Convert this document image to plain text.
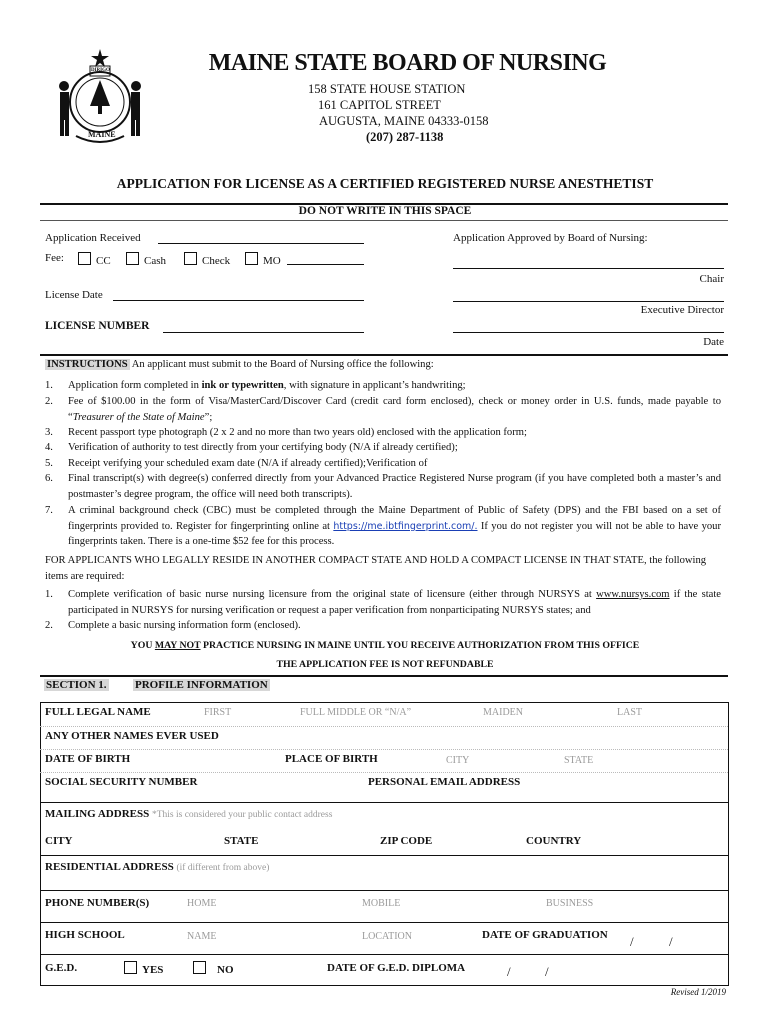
DIRIGO
MAINE
MAINE STATE BOARD OF NURSING
158 STATE HOUSE STATION
161 CAPITOL STREET
AUGUSTA, MAINE 04333-0158
(207) 287-1138
APPLICATION FOR LICENSE AS A CERTIFIED REGISTERED NURSE ANESTHETIST
DO NOT WRITE IN THIS SPACE
Application Received
Fee:	CC	Cash	Check	MO
License Date
LICENSE NUMBER
Application Approved by Board of Nursing:
Chair
Executive Director
Date
INSTRUCTIONS An applicant must submit to the Board of Nursing office the following:
1. Application form completed in ink or typewritten, with signature in applicant’s handwriting;
2. Fee of $100.00 in the form of Visa/MasterCard/Discover Card (credit card form enclosed), check or money order in U.S. funds, made payable to “Treasurer of the State of Maine”;
3. Recent passport type photograph (2 x 2 and no more than two years old) enclosed with the application form;
4. Verification of authority to test directly from your certifying body (N/A if already certified);
5. Receipt verifying your scheduled exam date (N/A if already certified);Verification of
6. Final transcript(s) with degree(s) conferred directly from your Advanced Practice Registered Nurse program (if you have completed both a master’s and postmaster’s degree program, the office will need both transcripts).
7. A criminal background check (CBC) must be completed through the Maine Department of Public of Safety (DPS) and the FBI based on a set of fingerprints provided to. Register for fingerprinting online at https://me.ibtfingerprint.com/. If you do not register you will not be able to have your fingerprints taken. There is a one-time $52 fee for this process.
FOR APPLICANTS WHO LEGALLY RESIDE IN ANOTHER COMPACT STATE AND HOLD A COMPACT LICENSE IN THAT STATE, the following items are required:
1. Complete verification of basic nurse nursing licensure from the original state of licensure (either through NURSYS at www.nursys.com if the state participated in NURSYS for nursing verification or request a paper verification from nonparticipating NURSYS states; and
2. Complete a basic nursing information form (enclosed).
YOU MAY NOT PRACTICE NURSING IN MAINE UNTIL YOU RECEIVE AUTHORIZATION FROM THIS OFFICE
THE APPLICATION FEE IS NOT REFUNDABLE
SECTION 1.	PROFILE INFORMATION
FULL LEGAL NAME	FIRST	FULL MIDDLE OR “N/A”	MAIDEN	LAST
ANY OTHER NAMES EVER USED
DATE OF BIRTH	PLACE OF BIRTH	CITY	STATE
SOCIAL SECURITY NUMBER	PERSONAL EMAIL ADDRESS
MAILING ADDRESS *This is considered your public contact address
CITY	STATE	ZIP CODE	COUNTRY
RESIDENTIAL ADDRESS (if different from above)
PHONE NUMBER(S)	HOME	MOBILE	BUSINESS
HIGH SCHOOL	NAME	LOCATION	DATE OF GRADUATION /	/
G.E.D.	YES	NO	DATE OF G.E.D. DIPLOMA	/	/
Revised 1/2019
